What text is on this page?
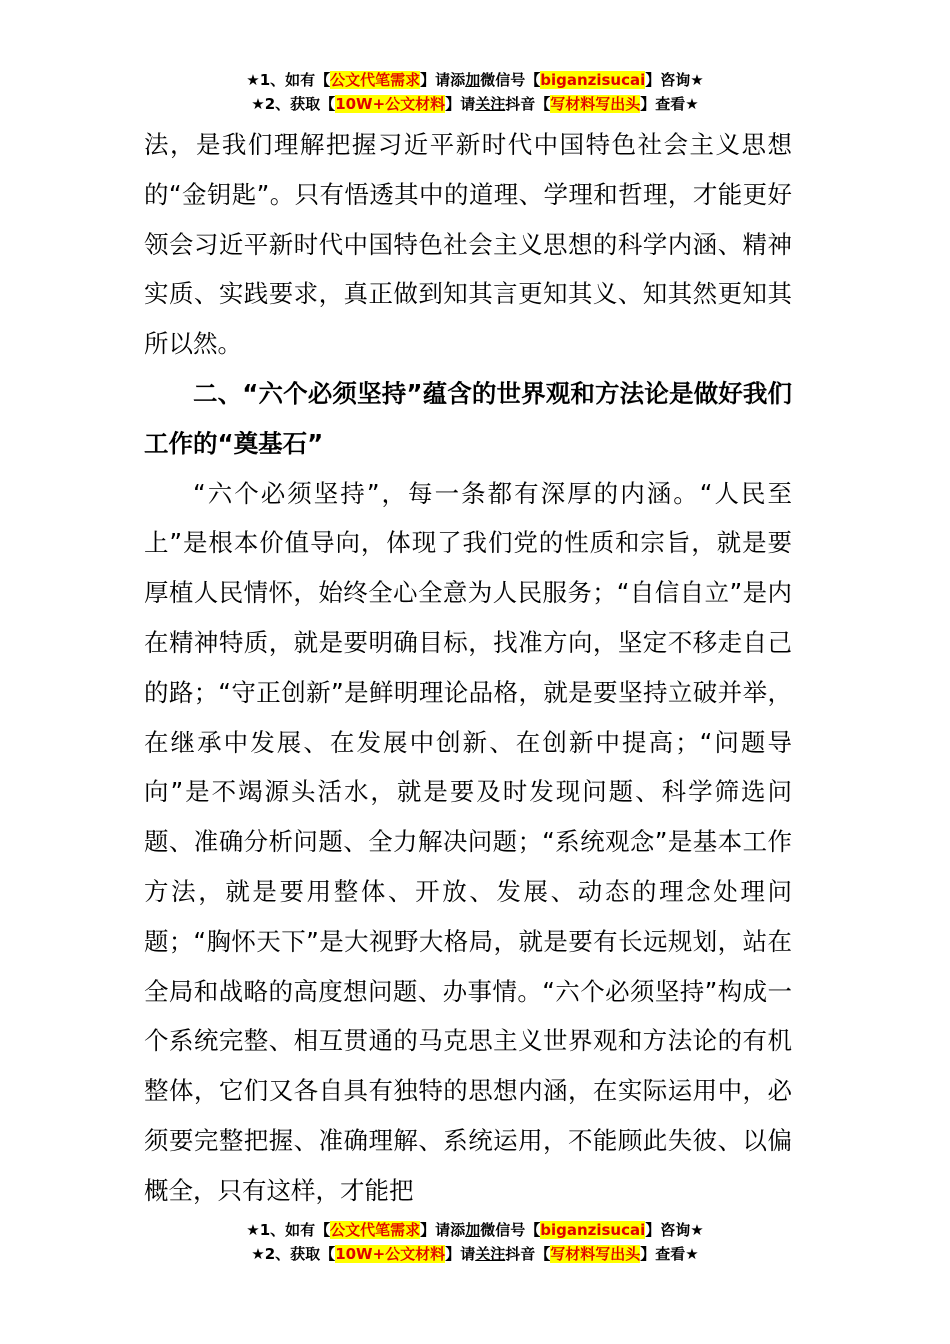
★1、如有【公文代笔需求】请添加微信号【biganzisucai】咨询★
★2、获取【10W+公文材料】请关注抖音【写材料写出头】查看★

法，是我们理解把握习近平新时代中国特色社会主义思想的“金钥匙”。只有悟透其中的道理、学理和哲理，才能更好领会习近平新时代中国特色社会主义思想的科学内涵、精神实质、实践要求，真正做到知其言更知其义、知其然更知其所以然。

二、“六个必须坚持”蕴含的世界观和方法论是做好我们工作的“奠基石”

“六个必须坚持”，每一条都有深厚的内涵。“人民至上”是根本价值导向，体现了我们党的性质和宗旨，就是要厚植人民情怀，始终全心全意为人民服务；“自信自立”是内在精神特质，就是要明确目标，找准方向，坚定不移走自己的路；“守正创新”是鲜明理论品格，就是要坚持立破并举，在继承中发展、在发展中创新、在创新中提高；“问题导向”是不竭源头活水，就是要及时发现问题、科学筛选问题、准确分析问题、全力解决问题；“系统观念”是基本工作方法，就是要用整体、开放、发展、动态的理念处理问题；“胸怀天下”是大视野大格局，就是要有长远规划，站在全局和战略的高度想问题、办事情。“六个必须坚持”构成一个系统完整、相互贯通的马克思主义世界观和方法论的有机整体，它们又各自具有独特的思想内涵，在实际运用中，必须要完整把握、准确理解、系统运用，不能顾此失彼、以偏概全，只有这样，才能把

★1、如有【公文代笔需求】请添加微信号【biganzisucai】咨询★
★2、获取【10W+公文材料】请关注抖音【写材料写出头】查看★
